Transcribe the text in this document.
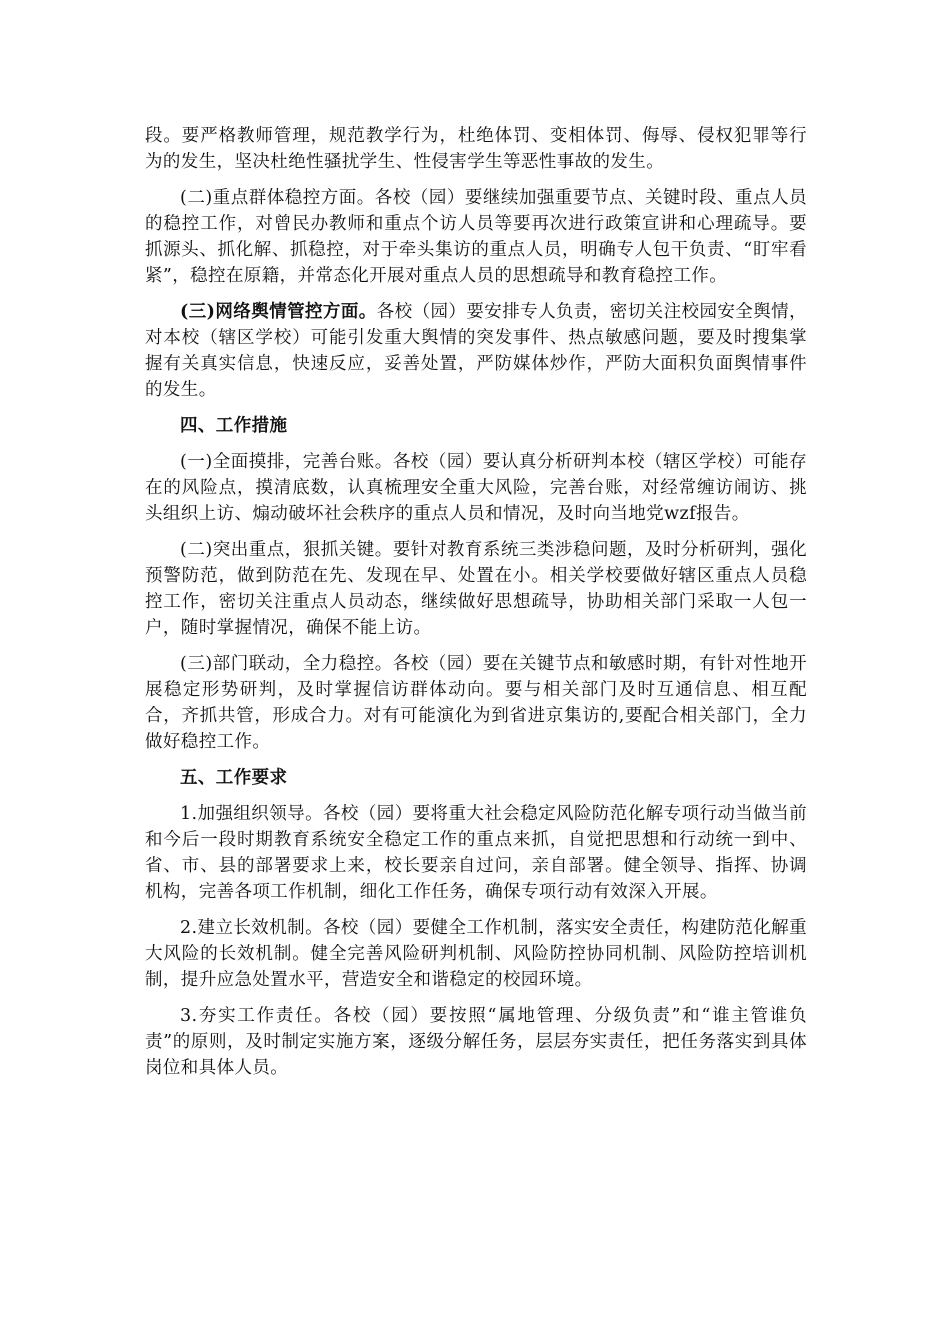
段。要严格教师管理，规范教学行为，杜绝体罚、变相体罚、侮辱、侵权犯罪等行为的发生，坚决杜绝性骚扰学生、性侵害学生等恶性事故的发生。

(二)重点群体稳控方面。各校（园）要继续加强重要节点、关键时段、重点人员的稳控工作，对曾民办教师和重点个访人员等要再次进行政策宣讲和心理疏导。要抓源头、抓化解、抓稳控，对于牵头集访的重点人员，明确专人包干负责、“盯牢看紧”，稳控在原籍，并常态化开展对重点人员的思想疏导和教育稳控工作。

(三)网络舆情管控方面。各校（园）要安排专人负责，密切关注校园安全舆情，对本校（辖区学校）可能引发重大舆情的突发事件、热点敏感问题，要及时搜集掌握有关真实信息，快速反应，妥善处置，严防媒体炒作，严防大面积负面舆情事件的发生。

四、工作措施

(一)全面摸排，完善台账。各校（园）要认真分析研判本校（辖区学校）可能存在的风险点，摸清底数，认真梳理安全重大风险，完善台账，对经常缠访闹访、挑头组织上访、煽动破坏社会秩序的重点人员和情况，及时向当地党wzf报告。

(二)突出重点，狠抓关键。要针对教育系统三类涉稳问题，及时分析研判，强化预警防范，做到防范在先、发现在早、处置在小。相关学校要做好辖区重点人员稳控工作，密切关注重点人员动态，继续做好思想疏导，协助相关部门采取一人包一户，随时掌握情况，确保不能上访。

(三)部门联动，全力稳控。各校（园）要在关键节点和敏感时期，有针对性地开展稳定形势研判，及时掌握信访群体动向。要与相关部门及时互通信息、相互配合，齐抓共管，形成合力。对有可能演化为到省进京集访的,要配合相关部门，全力做好稳控工作。

五、工作要求

1.加强组织领导。各校（园）要将重大社会稳定风险防范化解专项行动当做当前和今后一段时期教育系统安全稳定工作的重点来抓，自觉把思想和行动统一到中、省、市、县的部署要求上来，校长要亲自过问，亲自部署。健全领导、指挥、协调机构，完善各项工作机制，细化工作任务，确保专项行动有效深入开展。

2.建立长效机制。各校（园）要健全工作机制，落实安全责任，构建防范化解重大风险的长效机制。健全完善风险研判机制、风险防控协同机制、风险防控培训机制，提升应急处置水平，营造安全和谐稳定的校园环境。

3.夯实工作责任。各校（园）要按照“属地管理、分级负责”和“谁主管谁负责”的原则，及时制定实施方案，逐级分解任务，层层夯实责任，把任务落实到具体岗位和具体人员。
